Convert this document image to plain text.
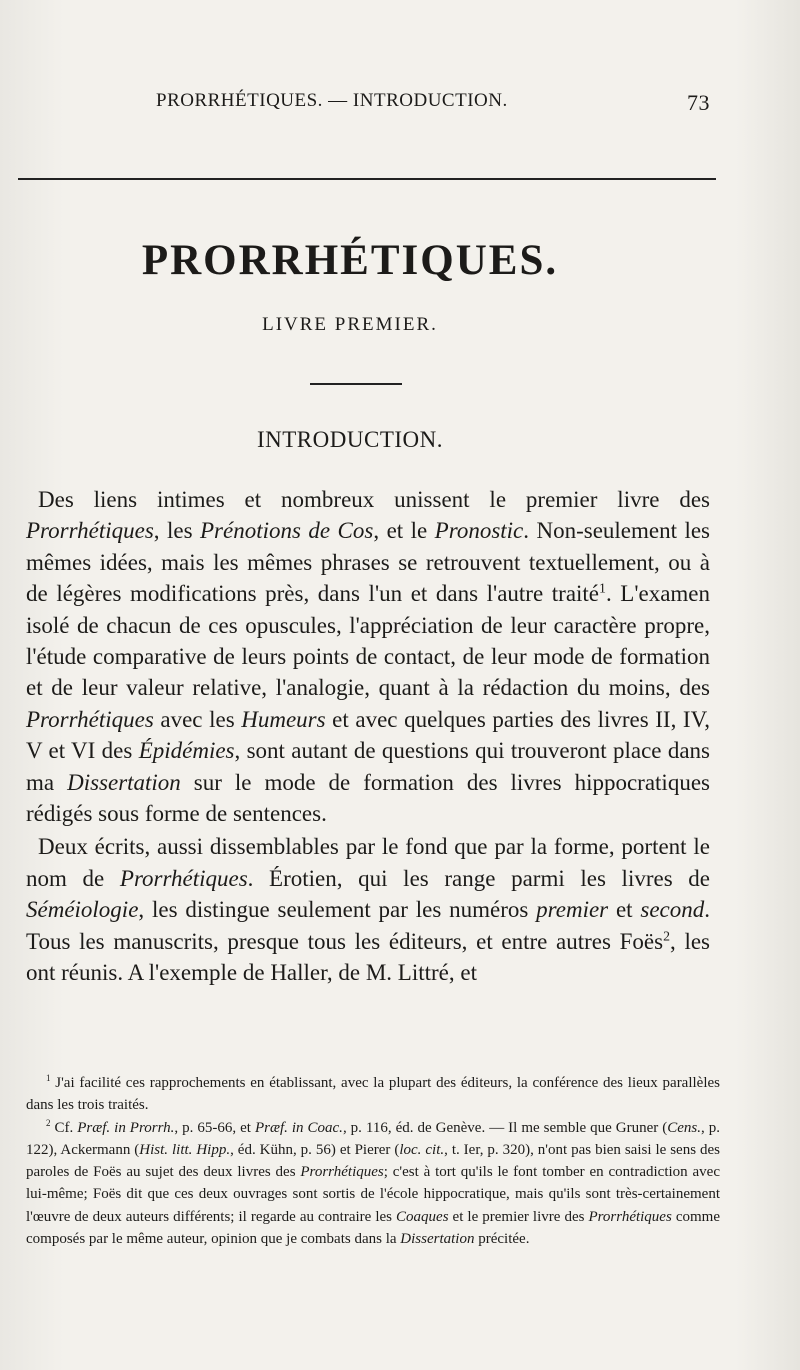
PRORRHÉTIQUES. — INTRODUCTION.	73
PRORRHÉTIQUES.
LIVRE PREMIER.
INTRODUCTION.

Des liens intimes et nombreux unissent le premier livre des Prorrhétiques, les Prénotions de Cos, et le Pronostic. Non-seulement les mêmes idées, mais les mêmes phrases se retrouvent textuellement, ou à de légères modifications près, dans l'un et dans l'autre traité$^1$. L'examen isolé de chacun de ces opuscules, l'appréciation de leur caractère propre, l'étude comparative de leurs points de contact, de leur mode de formation et de leur valeur relative, l'analogie, quant à la rédaction du moins, des Prorrhétiques avec les Humeurs et avec quelques parties des livres II, IV, V et VI des Épidémies, sont autant de questions qui trouveront place dans ma Dissertation sur le mode de formation des livres hippocratiques rédigés sous forme de sentences.

Deux écrits, aussi dissemblables par le fond que par la forme, portent le nom de Prorrhétiques. Érotien, qui les range parmi les livres de Séméiologie, les distingue seulement par les numéros premier et second. Tous les manuscrits, presque tous les éditeurs, et entre autres Foës$^2$, les ont réunis. A l'exemple de Haller, de M. Littré, et

$^1$ J'ai facilité ces rapprochements en établissant, avec la plupart des éditeurs, la conférence des lieux parallèles dans les trois traités.

$^2$ Cf. Præf. in Prorrh., p. 65-66, et Præf. in Coac., p. 116, éd. de Genève. — Il me semble que Gruner (Cens., p. 122), Ackermann (Hist. litt. Hipp., éd. Kühn, p. 56) et Pierer (loc. cit., t. Ier, p. 320), n'ont pas bien saisi le sens des paroles de Foës au sujet des deux livres des Prorrhétiques; c'est à tort qu'ils le font tomber en contradiction avec lui-même; Foës dit que ces deux ouvrages sont sortis de l'école hippocratique, mais qu'ils sont très-certainement l'œuvre de deux auteurs différents; il regarde au contraire les Coaques et le premier livre des Prorrhétiques comme composés par le même auteur, opinion que je combats dans la Dissertation précitée.
